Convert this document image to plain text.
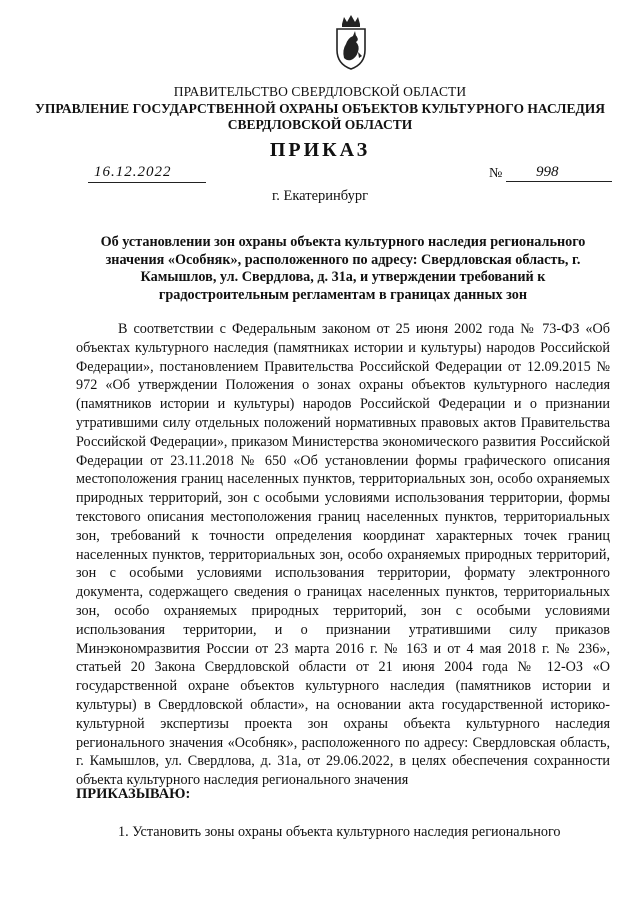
ПРАВИТЕЛЬСТВО СВЕРДЛОВСКОЙ ОБЛАСТИ
УПРАВЛЕНИЕ ГОСУДАРСТВЕННОЙ ОХРАНЫ ОБЪЕКТОВ КУЛЬТУРНОГО НАСЛЕДИЯ
СВЕРДЛОВСКОЙ ОБЛАСТИ
ПРИКАЗ
16.12.2022	№	998
г. Екатеринбург
Об установлении зон охраны объекта культурного наследия регионального значения «Особняк», расположенного по адресу: Свердловская область, г. Камышлов, ул. Свердлова, д. 31а, и утверждении требований к градостроительным регламентам в границах данных зон

В соответствии с Федеральным законом от 25 июня 2002 года № 73-ФЗ «Об объектах культурного наследия (памятниках истории и культуры) народов Российской Федерации», постановлением Правительства Российской Федерации от 12.09.2015 № 972 «Об утверждении Положения о зонах охраны объектов культурного наследия (памятников истории и культуры) народов Российской Федерации и о признании утратившими силу отдельных положений нормативных правовых актов Правительства Российской Федерации», приказом Министерства экономического развития Российской Федерации от 23.11.2018 № 650 «Об установлении формы графического описания местоположения границ населенных пунктов, территориальных зон, особо охраняемых природных территорий, зон с особыми условиями использования территории, формы текстового описания местоположения границ населенных пунктов, территориальных зон, требований к точности определения координат характерных точек границ населенных пунктов, территориальных зон, особо охраняемых природных территорий, зон с особыми условиями использования территории, формату электронного документа, содержащего сведения о границах населенных пунктов, территориальных зон, особо охраняемых природных территорий, зон с особыми условиями использования территории, и о признании утратившими силу приказов Минэкономразвития России от 23 марта 2016 г. № 163 и от 4 мая 2018 г. № 236», статьей 20 Закона Свердловской области от 21 июня 2004 года № 12-ОЗ «О государственной охране объектов культурного наследия (памятников истории и культуры) в Свердловской области», на основании акта государственной историко-культурной экспертизы проекта зон охраны объекта культурного наследия регионального значения «Особняк», расположенного по адресу: Свердловская область, г. Камышлов, ул. Свердлова, д. 31а, от 29.06.2022, в целях обеспечения сохранности объекта культурного наследия регионального значения

ПРИКАЗЫВАЮ:

1. Установить зоны охраны объекта культурного наследия регионального
